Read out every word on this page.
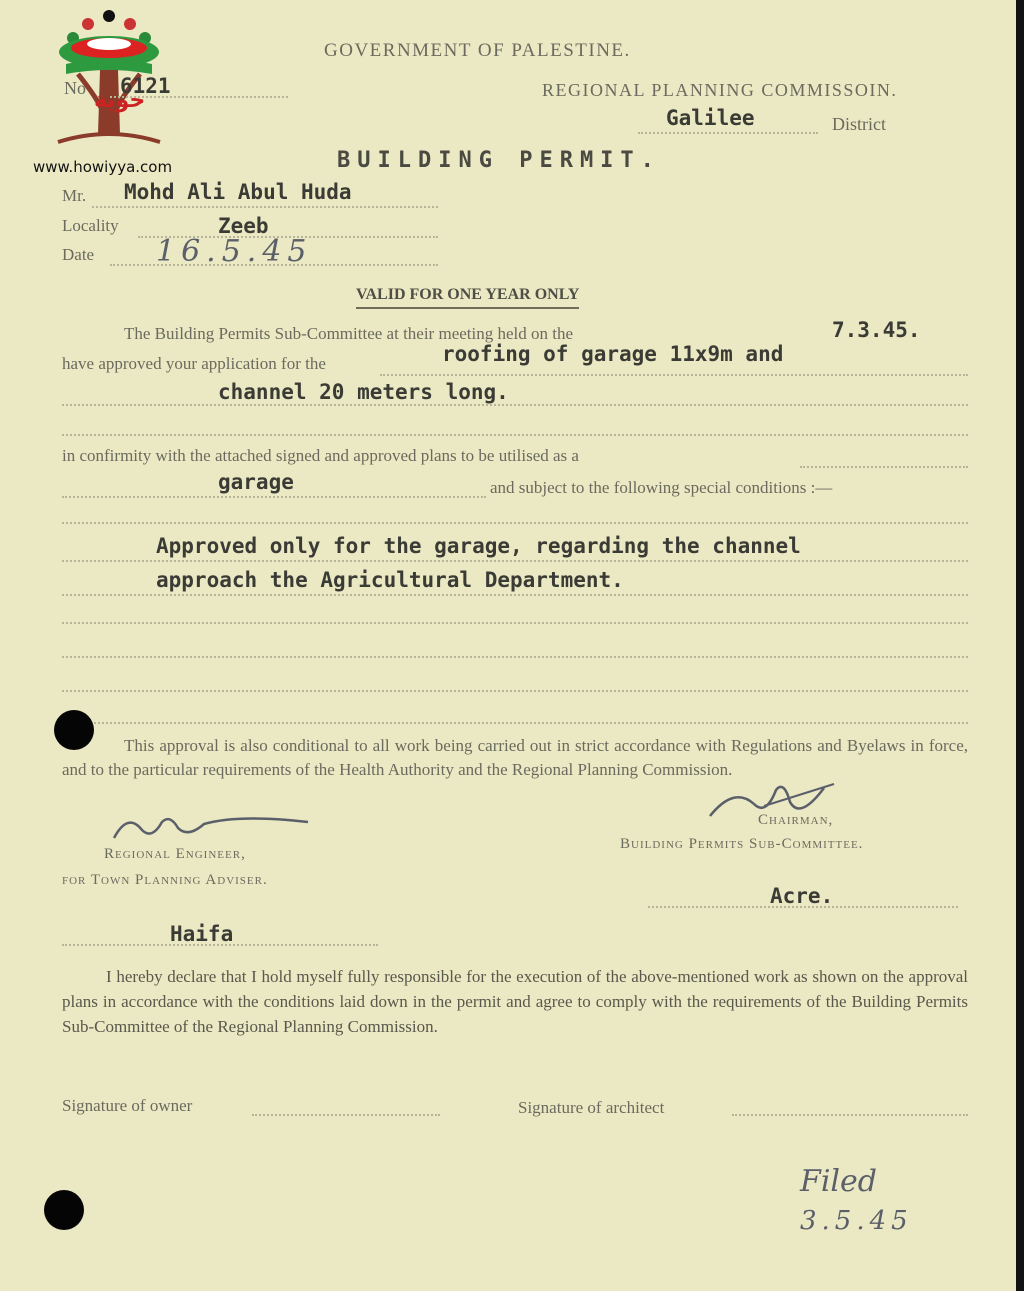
حوية
www.howiyya.com
GOVERNMENT OF PALESTINE.
No 6121	REGIONAL PLANNING COMMISSOIN.
Galilee	District
BUILDING PERMIT.
Mr. Mohd Ali Abul Huda
Locality	Zeeb
Date 16.5.45
VALID FOR ONE YEAR ONLY
The Building Permits Sub-Committee at their meeting held on the	7.3.45.
have approved your application for the	roofing of garage 11x9m and
channel 20 meters long.
in confirmity with the attached signed and approved plans to be utilised as a
garage	and subject to the following special conditions :—
Approved only for the garage, regarding the channel
approach the Agricultural Department.
This approval is also conditional to all work being carried out in strict accordance with Regulations and Byelaws in force, and to the particular requirements of the Health Authority and the Regional Planning Commission.
Chairman,
Building Permits Sub-Committee.
Regional Engineer,
for Town Planning Adviser.
Acre.
Haifa
I hereby declare that I hold myself fully responsible for the execution of the above-mentioned work as shown on the approval plans in accordance with the conditions laid down in the permit and agree to comply with the requirements of the Building Permits Sub-Committee of the Regional Planning Commission.
Signature of owner	Signature of architect
Filed
3.5.45
